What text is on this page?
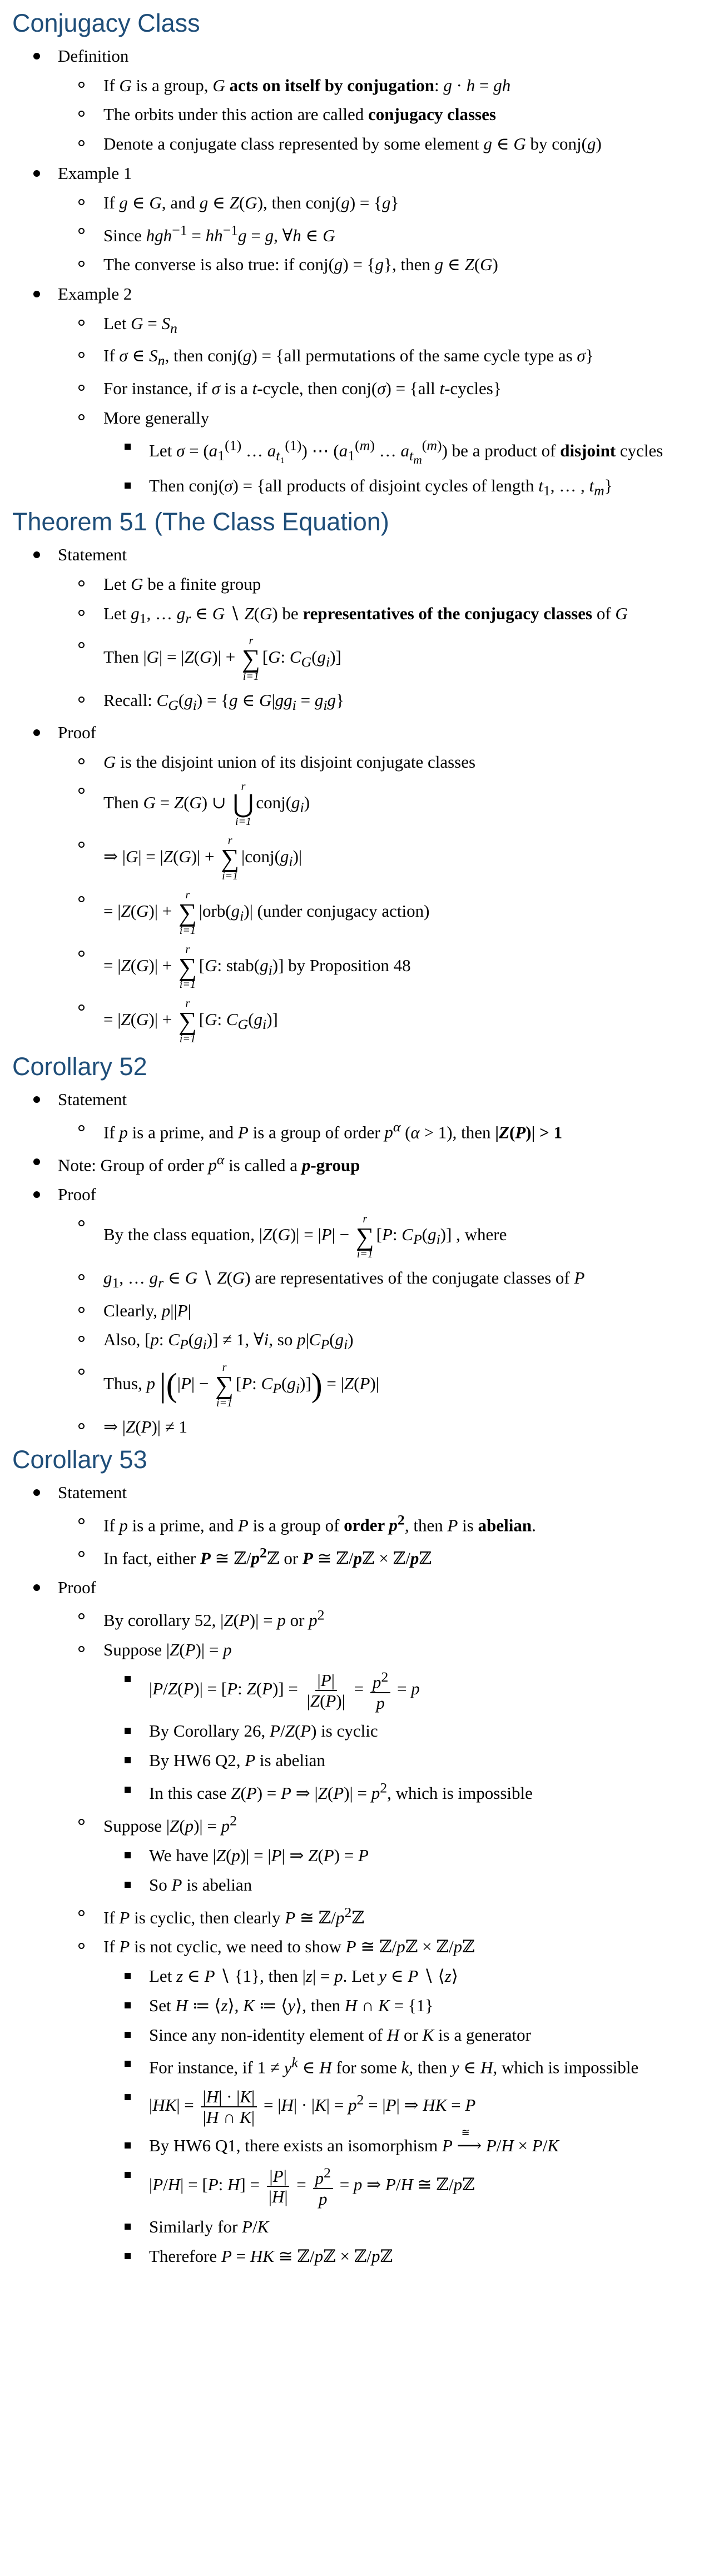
Conjugacy Class
Definition
If G is a group, G acts on itself by conjugation: g · h = gh
The orbits under this action are called conjugacy classes
Denote a conjugate class represented by some element g ∈ G by conj(g)
Example 1
If g ∈ G, and g ∈ Z(G), then conj(g) = {g}
Since $hgh^{-1} = hh^{-1}g = g$, ∀h ∈ G
The converse is also true: if conj(g) = {g}, then g ∈ Z(G)
Example 2
Let $G = S_n$
If σ ∈ $S_n$, then conj(g) = {all permutations of the same cycle type as σ}
For instance, if σ is a t-cycle, then conj(σ) = {all t-cycles}
More generally
Let $\sigma = (a_1^{(1)}$ … $a_{t_1}^{(1)}$) ⋯ ($a_1^{(m)}$ … $a_{t_m}^{(m)}$) be a product of disjoint cycles
Then conj(σ) = {all products of disjoint cycles of length $t_1$, … , $t_m$}
Theorem 51 (The Class Equation)
Statement
Let G be a finite group
Let $g_1$, … $g_r$ ∈ G ∖ Z(G) be representatives of the conjugacy classes of G
Then |G| = |Z(G)| +
r
∑
i=1
[G: $C_G(g_i)$]
Recall: $C_G(g_i) = \{g$ ∈ $G|gg_i = g_ig$}
Proof
G is the disjoint union of its disjoint conjugate classes
Then G = Z(G) ∪
r
⋃
i=1
$conj(g_i)$
⇒ |G| = |Z(G)| +
r
∑
i=1
$|conj(g_i)|$
= |Z(G)| +
r
∑
i=1
$|orb(g_i)|$ (under conjugacy action)
= |Z(G)| +
r
∑
i=1
[G: $stab(g_i)$] by Proposition 48
= |Z(G)| +
r
∑
i=1
[G: $C_G(g_i)$]
Corollary 52
Statement
If p is a prime, and P is a group of order $p^\alpha$ (α > 1), then |Z(P)| > 1
Note: Group of order $p^\alpha$ is called a p-group
Proof
By the class equation, |Z(G)| = |P| −
r
∑
i=1
[P: $C_P(g_i)$] , where
$g_1$, … $g_r$ ∈ G ∖ Z(G) are representatives of the conjugate classes of P
Clearly, p||P|
Also, [p: $C_P(g_i)] \ne 1$, ∀i, so $p|C_P(g_i)$
Thus, p |(|P| −
r
∑
i=1
[P: $C_P(g_i)]) = |Z(P)|$
⇒ |Z(P)| ≠ 1
Corollary 53
Statement
If p is a prime, and P is a group of order $p^2$, then P is abelian.
In fact, either P ≅ $ℤ/p^2ℤ$ or P ≅ ℤ/pℤ × ℤ/pℤ
Proof
By corollary 52, |Z(P)| = p or $p^2$
Suppose |Z(P)| = p
|P/Z(P)| = [P: $Z(P)] = \frac{|P|}{|Z(P)|} = \frac{p^2}{p} = p$
By Corollary 26, P/Z(P) is cyclic
By HW6 Q2, P is abelian
In this case Z(P) = P ⇒ $|Z(P)| = p^2$, which is impossible
Suppose $|Z(p)| = p^2$
We have |Z(p)| = |P| ⇒ Z(P) = P
So P is abelian
If P is cyclic, then clearly P ≅ $ℤ/p^2ℤ$
If P is not cyclic, we need to show P ≅ ℤ/pℤ × ℤ/pℤ
Let z ∈ P ∖ {1}, then |z| = p. Let y ∈ P ∖ ⟨z⟩
Set H ≔ ⟨z⟩, K ≔ ⟨y⟩, then H ∩ K = {1}
Since any non-identity element of H or K is a generator
For instance, if $1 \ne y^k$ ∈ H for some k, then y ∈ H, which is impossible
$|HK| = \frac{|H| \cdot |K|}{|H \cap K|} = |H| \cdot |K| = p^2 = |P|$ ⇒ HK = P
By HW6 Q1, there exists an isomorphism P
≅
⟶ P/H × P/K
|P/H| = [P: $H] = \frac{|P|}{|H|} = \frac{p^2}{p} = p$ ⇒ P/H ≅ ℤ/pℤ
Similarly for P/K
Therefore P = HK ≅ ℤ/pℤ × ℤ/pℤ
